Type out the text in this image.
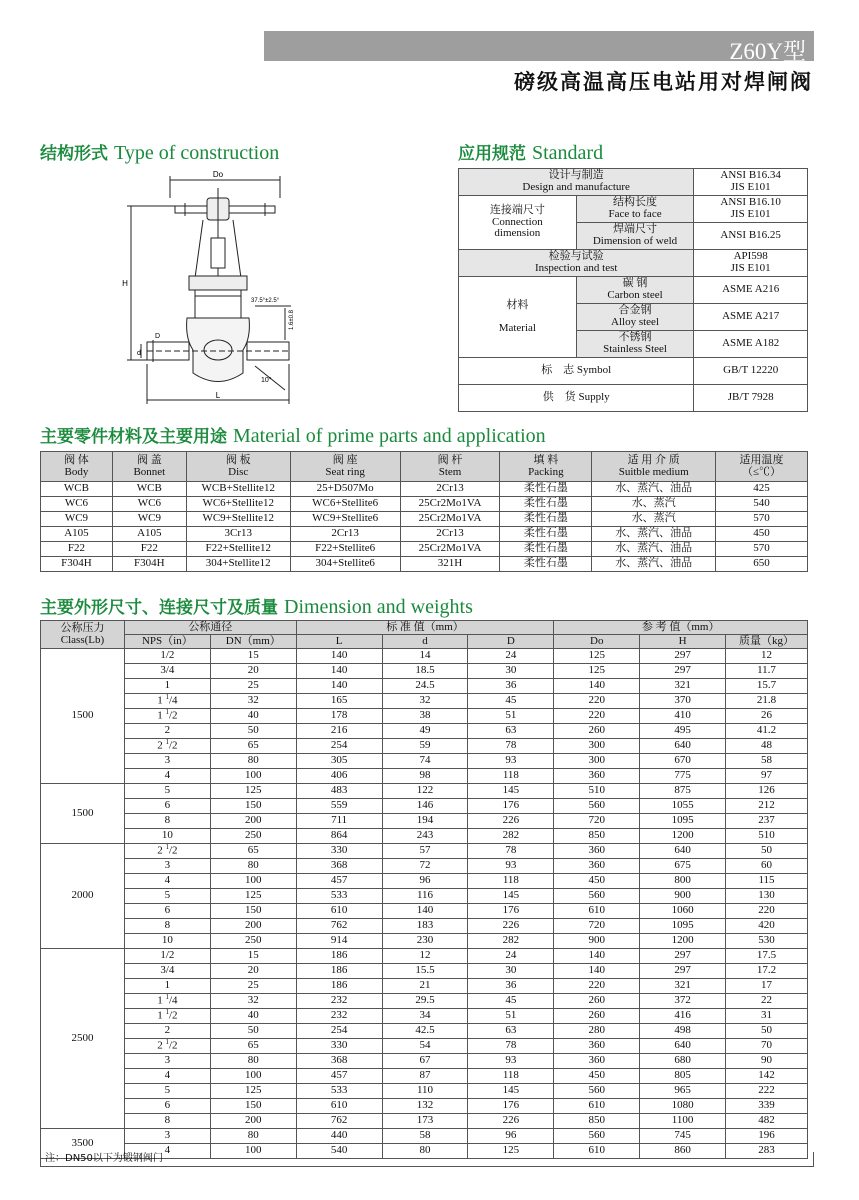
Z60Y型
磅级高温高压电站用对焊闸阀
结构形式 Type of construction	应用规范 Standard
主要零件材料及主要用途 Material of prime parts and application
主要外形尺寸、连接尺寸及质量 Dimension and weights
Do
H
d
D
L
37.5°±2.5°
10°
1.6±0.8
设计与制造
Design and manufacture		ANSI B16.34
JIS E101
连接端尺寸
Connection
dimension	结构长度
Face to face	ANSI B16.10
JIS E101
	焊端尺寸
Dimension of weld	ANSI B16.25
检验与试验
Inspection and test		API598
JIS E101
材料

Material	碳 钢
Carbon steel	ASME A216
	合金钢
Alloy steel	ASME A217
	不锈钢
Stainless Steel	ASME A182
标　志 Symbol		GB/T 12220
供　货 Supply		JB/T 7928
阀 体
Body	阀 盖
Bonnet	阀 板
Disc	阀 座
Seat ring	阀 杆
Stem	填 料
Packing	适 用 介 质
Suitble medium	适用温度
（≤℃）
WCB	WCB	WCB+Stellite12	25+D507Mo	2Cr13	柔性石墨	水、蒸汽、油品	425
WC6	WC6	WC6+Stellite12	WC6+Stellite6	25Cr2Mo1VA	柔性石墨	水、蒸汽	540
WC9	WC9	WC9+Stellite12	WC9+Stellite6	25Cr2Mo1VA	柔性石墨	水、蒸汽	570
A105	A105	3Cr13	2Cr13	2Cr13	柔性石墨	水、蒸汽、油品	450
F22	F22	F22+Stellite12	F22+Stellite6	25Cr2Mo1VA	柔性石墨	水、蒸汽、油品	570
F304H	F304H	304+Stellite12	304+Stellite6	321H	柔性石墨	水、蒸汽、油品	650
公称压力
Class(Lb)	公称通径		标 准 值（mm）			参 考 值（mm）		
	NPS（in）	DN（mm）	L	d	D	Do	H	质量（kg）
1500	1/2	15	140	14	24	125	297	12
	3/4	20	140	18.5	30	125	297	11.7
	1	25	140	24.5	36	140	321	15.7
	1 $^1$/4	32	165	32	45	220	370	21.8
	1 $^1$/2	40	178	38	51	220	410	26
	2	50	216	49	63	260	495	41.2
	2 $^1$/2	65	254	59	78	300	640	48
	3	80	305	74	93	300	670	58
	4	100	406	98	118	360	775	97
1500	5	125	483	122	145	510	875	126
	6	150	559	146	176	560	1055	212
	8	200	711	194	226	720	1095	237
	10	250	864	243	282	850	1200	510
2000	2 $^1$/2	65	330	57	78	360	640	50
	3	80	368	72	93	360	675	60
	4	100	457	96	118	450	800	115
	5	125	533	116	145	560	900	130
	6	150	610	140	176	610	1060	220
	8	200	762	183	226	720	1095	420
	10	250	914	230	282	900	1200	530
2500	1/2	15	186	12	24	140	297	17.5
	3/4	20	186	15.5	30	140	297	17.2
	1	25	186	21	36	220	321	17
	1 $^1$/4	32	232	29.5	45	260	372	22
	1 $^1$/2	40	232	34	51	260	416	31
	2	50	254	42.5	63	280	498	50
	2 $^1$/2	65	330	54	78	360	640	70
	3	80	368	67	93	360	680	90
	4	100	457	87	118	450	805	142
	5	125	533	110	145	560	965	222
	6	150	610	132	176	610	1080	339
	8	200	762	173	226	850	1100	482
3500	3	80	440	58	96	560	745	196
	4	100	540	80	125	610	860	283
注：DN50以下为锻钢阀门
